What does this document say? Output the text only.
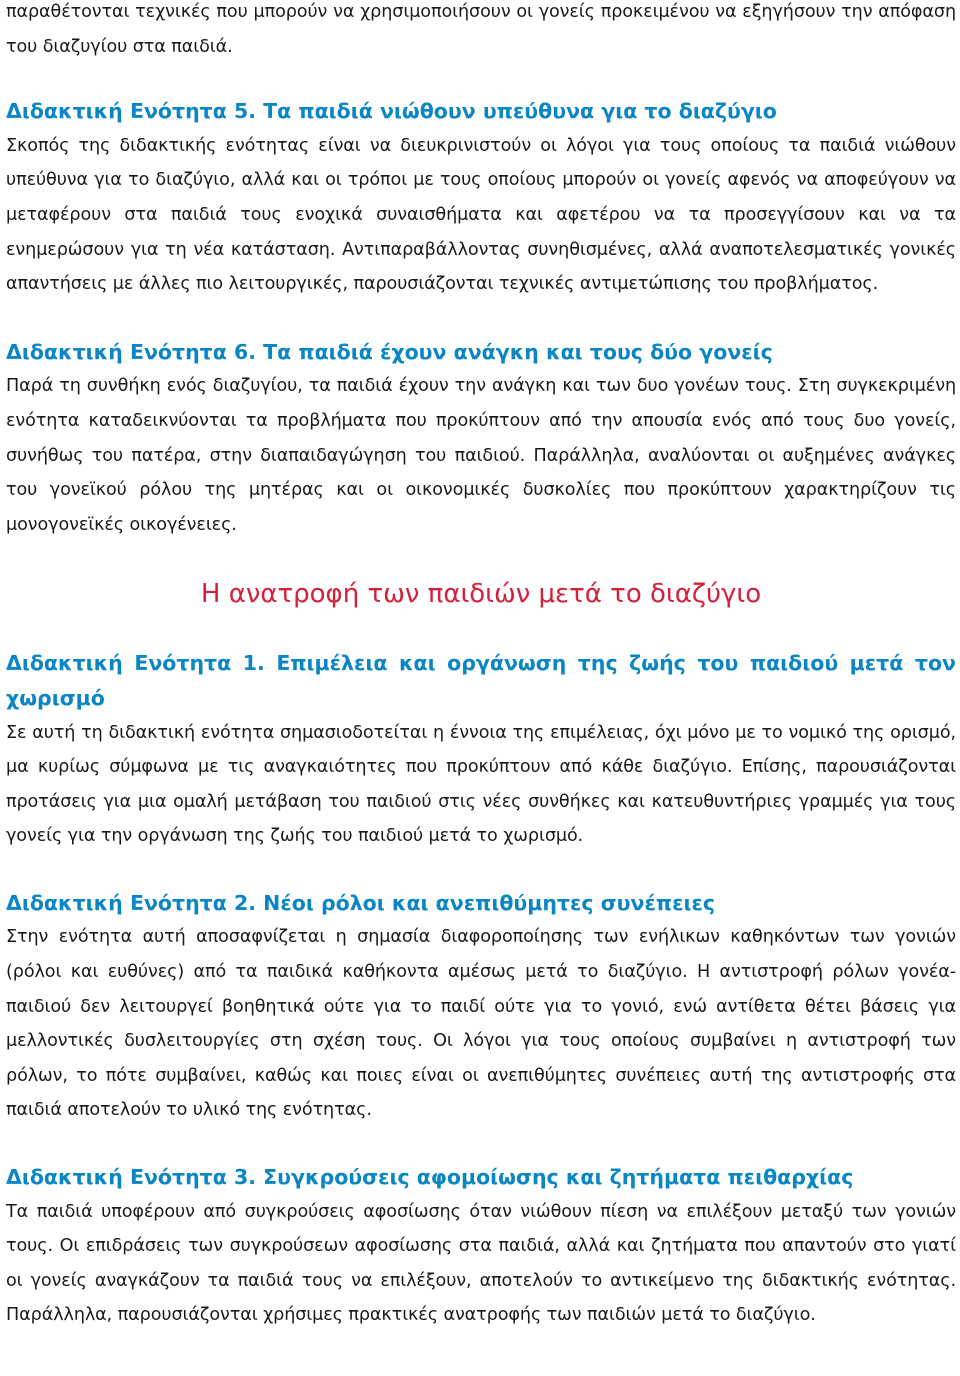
παραθέτονται τεχνικές που μπορούν να χρησιμοποιήσουν οι γονείς προκειμένου να εξηγήσουν την απόφαση του διαζυγίου στα παιδιά.

Διδακτική Ενότητα 5. Τα παιδιά νιώθουν υπεύθυνα για το διαζύγιο

Σκοπός της διδακτικής ενότητας είναι να διευκρινιστούν οι λόγοι για τους οποίους τα παιδιά νιώθουν υπεύθυνα για το διαζύγιο, αλλά και οι τρόποι με τους οποίους μπορούν οι γονείς αφενός να αποφεύγουν να μεταφέρουν στα παιδιά τους ενοχικά συναισθήματα και αφετέρου να τα προσεγγίσουν και να τα ενημερώσουν για τη νέα κατάσταση. Αντιπαραβάλλοντας συνηθισμένες, αλλά αναποτελεσματικές γονικές απαντήσεις με άλλες πιο λειτουργικές, παρουσιάζονται τεχνικές αντιμετώπισης του προβλήματος.

Διδακτική Ενότητα 6. Τα παιδιά έχουν ανάγκη και τους δύο γονείς

Παρά τη συνθήκη ενός διαζυγίου, τα παιδιά έχουν την ανάγκη και των δυο γονέων τους. Στη συγκεκριμένη ενότητα καταδεικνύονται τα προβλήματα που προκύπτουν από την απουσία ενός από τους δυο γονείς, συνήθως του πατέρα, στην διαπαιδαγώγηση του παιδιού. Παράλληλα, αναλύονται οι αυξημένες ανάγκες του γονεϊκού ρόλου της μητέρας και οι οικονομικές δυσκολίες που προκύπτουν χαρακτηρίζουν τις μονογονεϊκές οικογένειες.

Η ανατροφή των παιδιών μετά το διαζύγιο
Διδακτική Ενότητα 1. Επιμέλεια και οργάνωση της ζωής του παιδιού μετά τον χωρισμό

Σε αυτή τη διδακτική ενότητα σημασιοδοτείται η έννοια της επιμέλειας, όχι μόνο με το νομικό της ορισμό, μα κυρίως σύμφωνα με τις αναγκαιότητες που προκύπτουν από κάθε διαζύγιο. Επίσης, παρουσιάζονται προτάσεις για μια ομαλή μετάβαση του παιδιού στις νέες συνθήκες και κατευθυντήριες γραμμές για τους γονείς για την οργάνωση της ζωής του παιδιού μετά το χωρισμό.

Διδακτική Ενότητα 2. Νέοι ρόλοι και ανεπιθύμητες συνέπειες

Στην ενότητα αυτή αποσαφνίζεται η σημασία διαφοροποίησης των ενήλικων καθηκόντων των γονιών (ρόλοι και ευθύνες) από τα παιδικά καθήκοντα αμέσως μετά το διαζύγιο. Η αντιστροφή ρόλων γονέα-παιδιού δεν λειτουργεί βοηθητικά ούτε για το παιδί ούτε για το γονιό, ενώ αντίθετα θέτει βάσεις για μελλοντικές δυσλειτουργίες στη σχέση τους. Οι λόγοι για τους οποίους συμβαίνει η αντιστροφή των ρόλων, το πότε συμβαίνει, καθώς και ποιες είναι οι ανεπιθύμητες συνέπειες αυτή της αντιστροφής στα παιδιά αποτελούν το υλικό της ενότητας.

Διδακτική Ενότητα 3. Συγκρούσεις αφομοίωσης και ζητήματα πειθαρχίας

Τα παιδιά υποφέρουν από συγκρούσεις αφοσίωσης όταν νιώθουν πίεση να επιλέξουν μεταξύ των γονιών τους. Οι επιδράσεις των συγκρούσεων αφοσίωσης στα παιδιά, αλλά και ζητήματα που απαντούν στο γιατί οι γονείς αναγκάζουν τα παιδιά τους να επιλέξουν, αποτελούν το αντικείμενο της διδακτικής ενότητας. Παράλληλα, παρουσιάζονται χρήσιμες πρακτικές ανατροφής των παιδιών μετά το διαζύγιο.
